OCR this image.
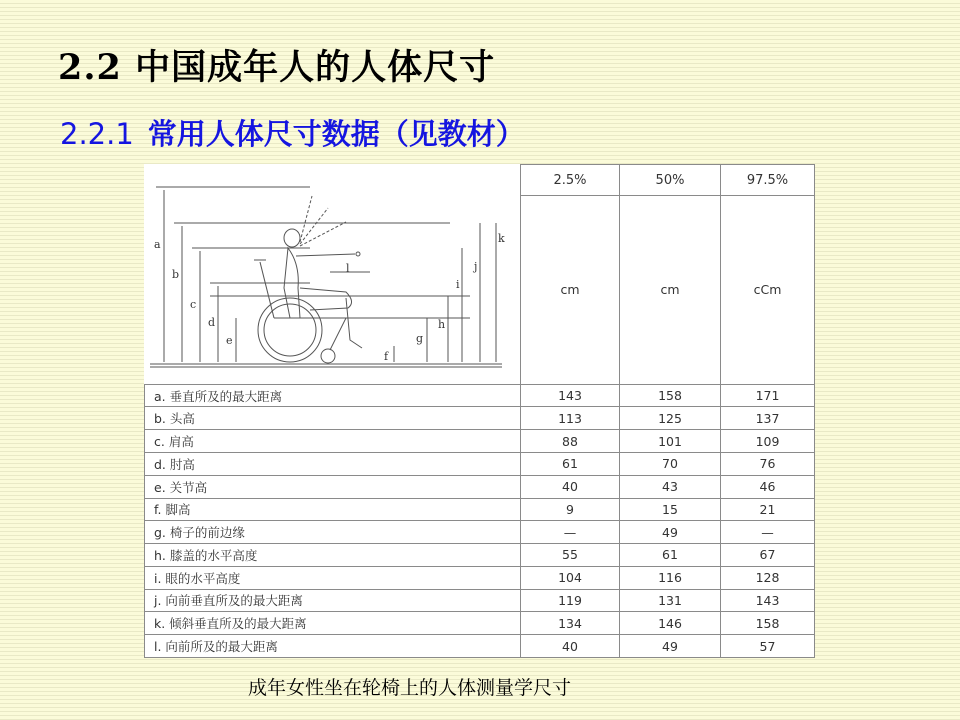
2.2 中国成年人的人体尺寸
2.2.1 常用人体尺寸数据（见教材）
	2.5%	50%	97.5%
	cm	cm	cCm
a. 垂直所及的最大距离	143	158	171
b. 头高	113	125	137
c. 肩高	88	101	109
d. 肘高	61	70	76
e. 关节高	40	43	46
f. 脚高	9	15	21
g. 椅子的前边缘	—	49	—
h. 膝盖的水平高度	55	61	67
i. 眼的水平高度	104	116	128
j. 向前垂直所及的最大距离	119	131	143
k. 倾斜垂直所及的最大距离	134	146	158
l. 向前所及的最大距离	40	49	57
a
b
c
d
e
f
g
h
i
j
k
l
成年女性坐在轮椅上的人体测量学尺寸
